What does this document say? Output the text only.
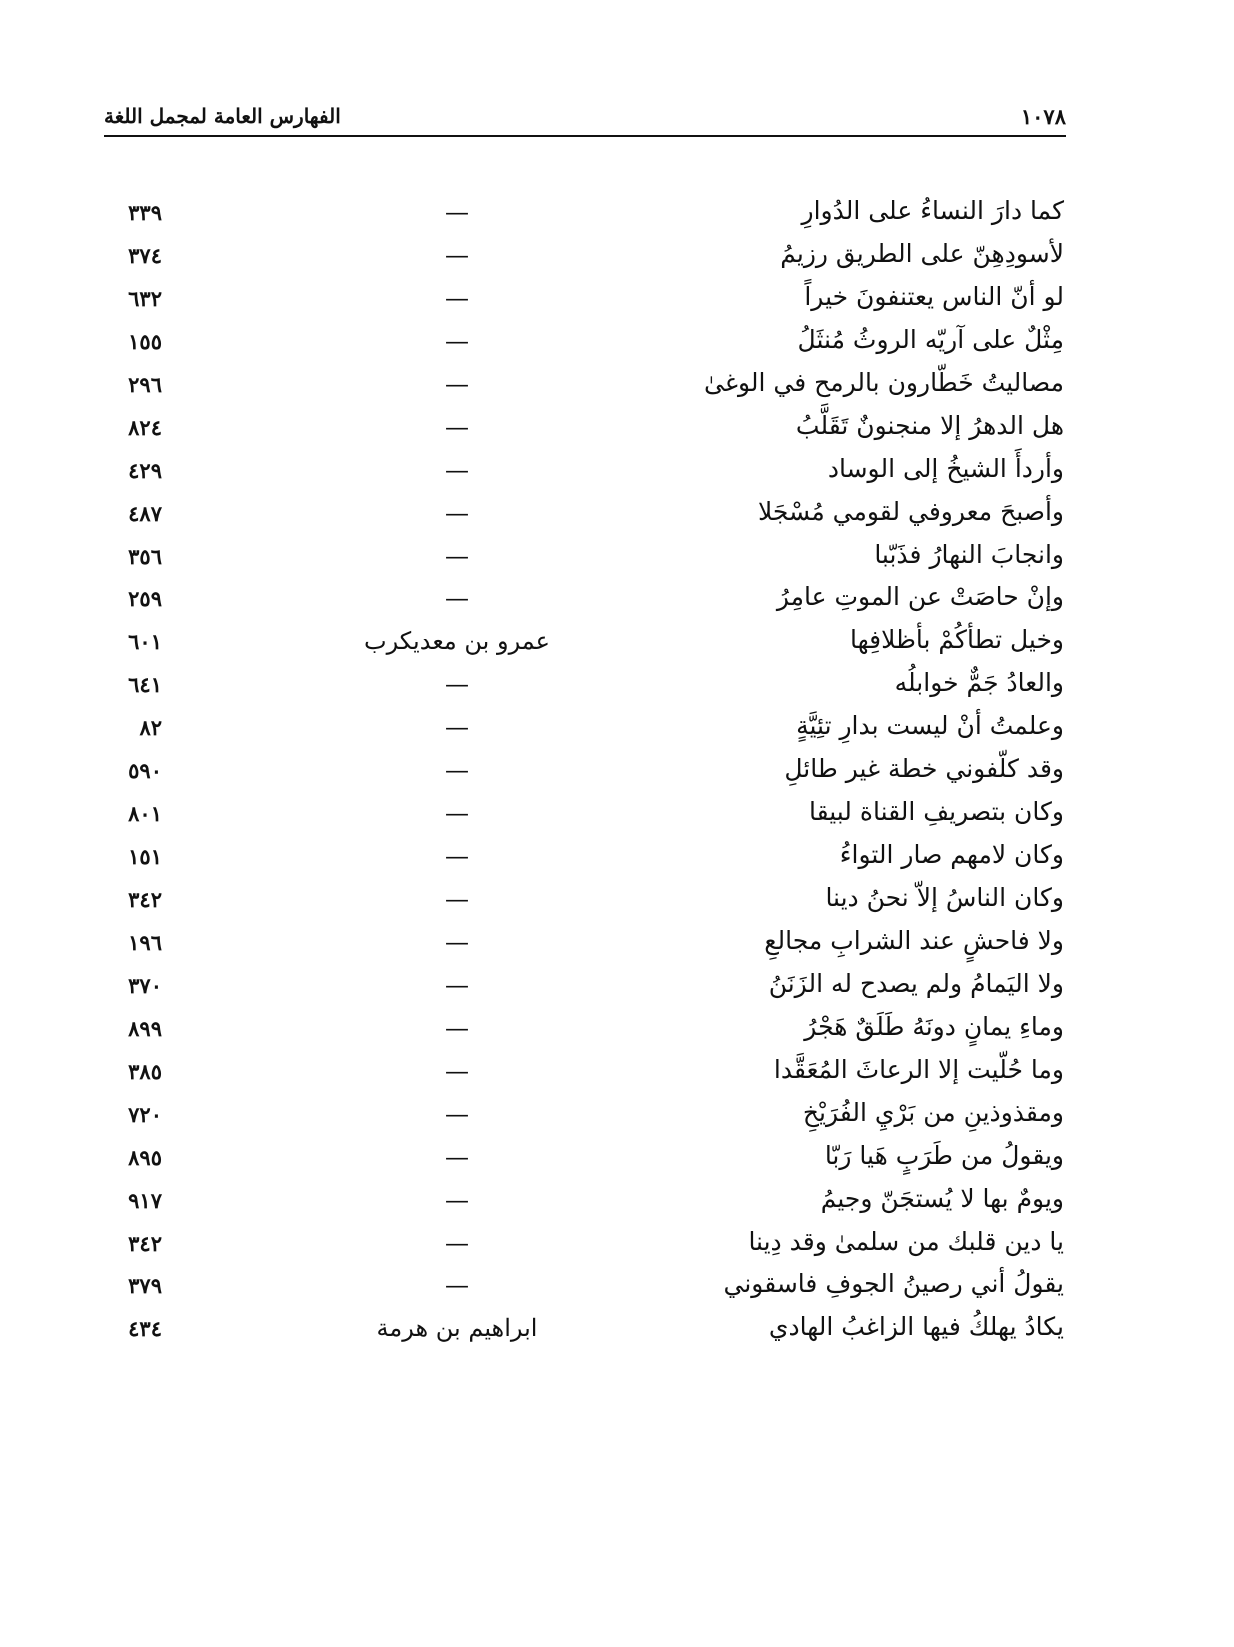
١٠٧٨
الفهارس العامة لمجمل اللغة
كما دارَ النساءُ على الدُوارِ
—
٣٣٩
لأسودِهِنّ على الطريق رزيمُ
—
٣٧٤
لو أنّ الناس يعتنفونَ خيراً
—
٦٣٢
مِثْلٌ على آريّه الروثُ مُنثَلُ
—
١٥٥
مصاليتُ خَطّارون بالرمح في الوغىٰ
—
٢٩٦
هل الدهرُ إلا منجنونٌ تَقَلَّبُ
—
٨٢٤
وأردأَ الشيخُ إلى الوساد
—
٤٢٩
وأصبحَ معروفي لقومي مُسْجَلا
—
٤٨٧
وانجابَ النهارُ فذَبّبا
—
٣٥٦
وإنْ حاصَتْ عن الموتِ عامِرُ
—
٢٥٩
وخيل تطأكُمْ بأظلافِها
عمرو بن معديكرب
٦٠١
والعادُ جَمٌّ خوابلُه
—
٦٤١
وعلمتُ أنْ ليست بدارِ تئِيَّةٍ
—
٨٢
وقد كلّفوني خطة غير طائلِ
—
٥٩٠
وكان بتصريفِ القناة لبيقا
—
٨٠١
وكان لامهم صار التواءُ
—
١٥١
وكان الناسُ إلاّ نحنُ دينا
—
٣٤٢
ولا فاحشٍ عند الشرابِ مجالعِ
—
١٩٦
ولا اليَمامُ ولم يصدح له الزَنَنُ
—
٣٧٠
وماءِ يمانٍ دونَهُ طَلَقٌ هَجْرُ
—
٨٩٩
وما حُلّيت إلا الرعاثَ المُعَقَّدا
—
٣٨٥
ومقذوذينِ من بَرْيِ الفُرَيْخِ
—
٧٢٠
ويقولُ من طَرَبٍ هَيا رَبّا
—
٨٩٥
ويومٌ بها لا يُستجَنّ وجيمُ
—
٩١٧
يا دين قلبك من سلمىٰ وقد دِينا
—
٣٤٢
يقولُ أني رصينُ الجوفِ فاسقوني
—
٣٧٩
يكادُ يهلكُ فيها الزاغبُ الهادي
ابراهيم بن هرمة
٤٣٤
